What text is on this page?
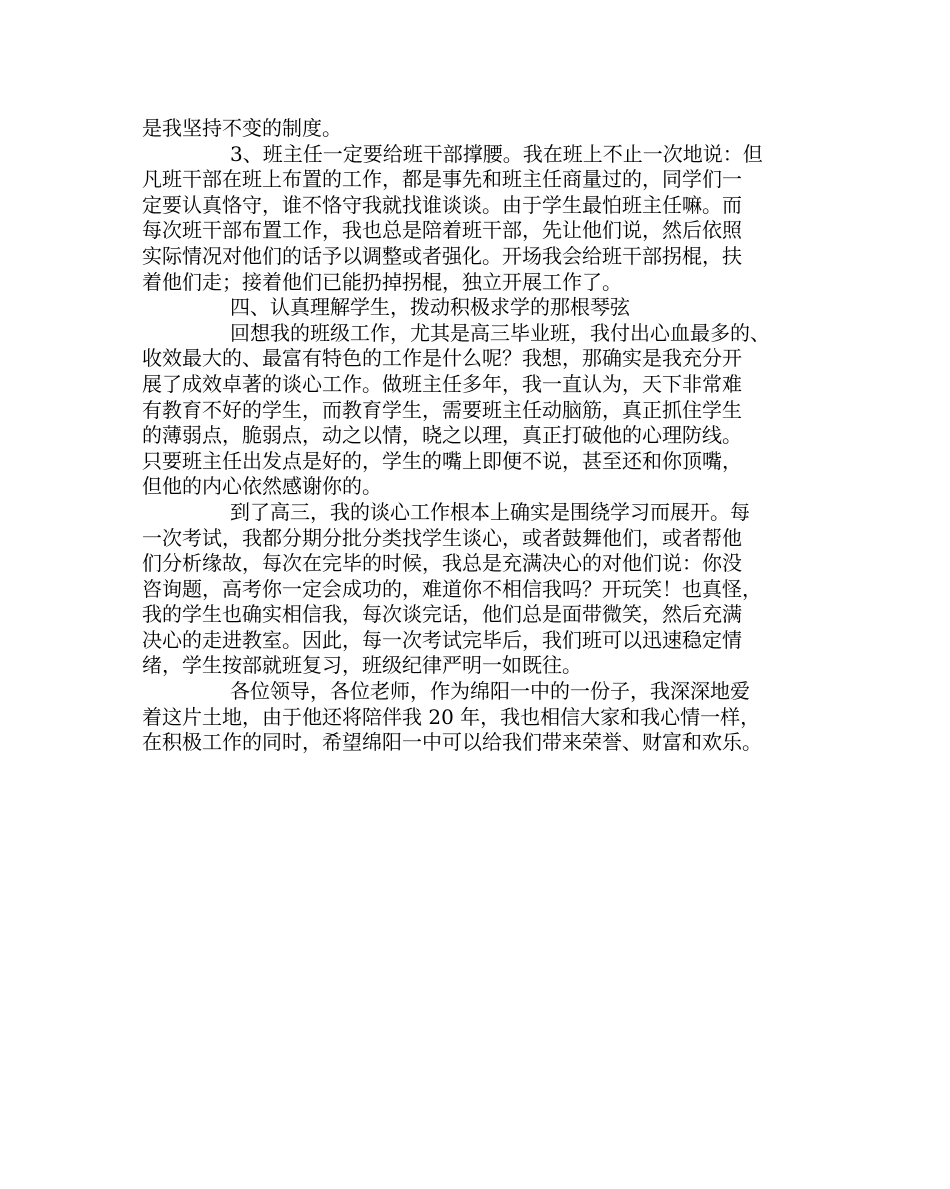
是我坚持不变的制度。
3、班主任一定要给班干部撑腰。我在班上不止一次地说：但
凡班干部在班上布置的工作，都是事先和班主任商量过的，同学们一
定要认真恪守，谁不恪守我就找谁谈谈。由于学生最怕班主任嘛。而
每次班干部布置工作，我也总是陪着班干部，先让他们说，然后依照
实际情况对他们的话予以调整或者强化。开场我会给班干部拐棍，扶
着他们走；接着他们已能扔掉拐棍，独立开展工作了。
四、认真理解学生，拨动积极求学的那根琴弦
回想我的班级工作，尤其是高三毕业班，我付出心血最多的、
收效最大的、最富有特色的工作是什么呢？我想，那确实是我充分开
展了成效卓著的谈心工作。做班主任多年，我一直认为，天下非常难
有教育不好的学生，而教育学生，需要班主任动脑筋，真正抓住学生
的薄弱点，脆弱点，动之以情，晓之以理，真正打破他的心理防线。
只要班主任出发点是好的，学生的嘴上即便不说，甚至还和你顶嘴，
但他的内心依然感谢你的。
到了高三，我的谈心工作根本上确实是围绕学习而展开。每
一次考试，我都分期分批分类找学生谈心，或者鼓舞他们，或者帮他
们分析缘故，每次在完毕的时候，我总是充满决心的对他们说：你没
咨询题，高考你一定会成功的，难道你不相信我吗？开玩笑！也真怪，
我的学生也确实相信我，每次谈完话，他们总是面带微笑，然后充满
决心的走进教室。因此，每一次考试完毕后，我们班可以迅速稳定情
绪，学生按部就班复习，班级纪律严明一如既往。
各位领导，各位老师，作为绵阳一中的一份子，我深深地爱
着这片土地，由于他还将陪伴我 20 年，我也相信大家和我心情一样，
在积极工作的同时，希望绵阳一中可以给我们带来荣誉、财富和欢乐。
